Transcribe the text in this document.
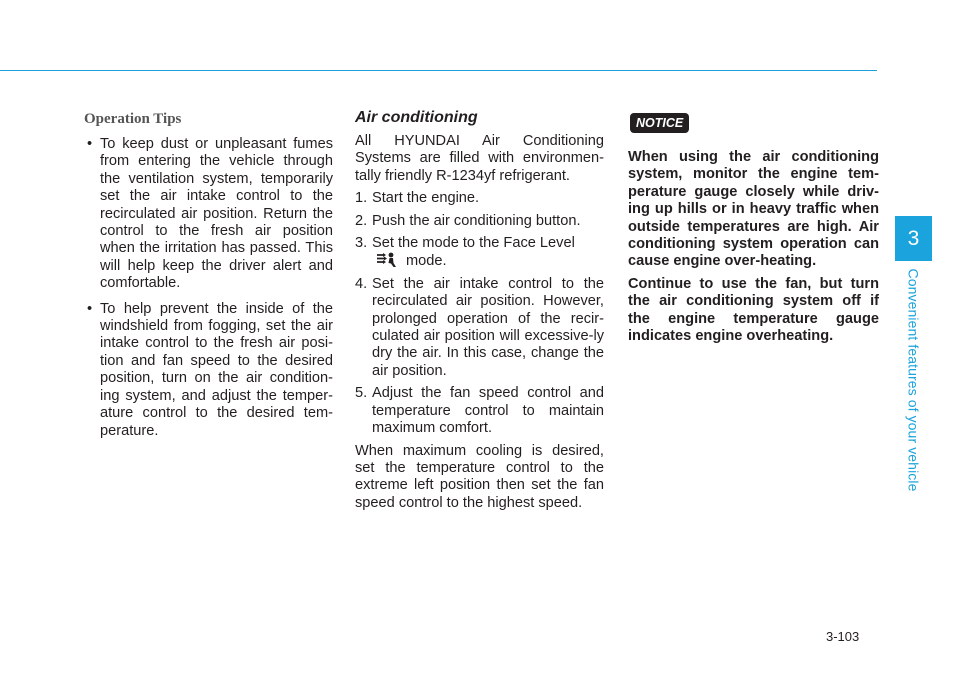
3
Convenient features of your vehicle
Operation Tips
• To keep dust or unpleasant fumes from entering the vehicle through the ventilation system, temporarily set the air intake control to the recirculated air position. Return the control to the fresh air position when the irritation has passed. This will help keep the driver alert and comfortable.
• To help prevent the inside of the windshield from fogging, set the air intake control to the fresh air posi-tion and fan speed to the desired position, turn on the air condition-ing system, and adjust the temper-ature control to the desired tem-perature.
Air conditioning

All HYUNDAI Air Conditioning Systems are filled with environmen-tally friendly R-1234yf refrigerant.

1. Start the engine.
2. Push the air conditioning button.
3. Set the mode to the Face Level
mode.
4. Set the air intake control to the recirculated air position. However, prolonged operation of the recir-culated air position will excessive-ly dry the air. In this case, change the air position.
5. Adjust the fan speed control and temperature control to maintain maximum comfort.

When maximum cooling is desired, set the temperature control to the extreme left position then set the fan speed control to the highest speed.

NOTICE

When using the air conditioning system, monitor the engine tem-perature gauge closely while driv-ing up hills or in heavy traffic when outside temperatures are high. Air conditioning system operation can cause engine over-heating.

Continue to use the fan, but turn the air conditioning system off if the engine temperature gauge indicates engine overheating.

3-103
